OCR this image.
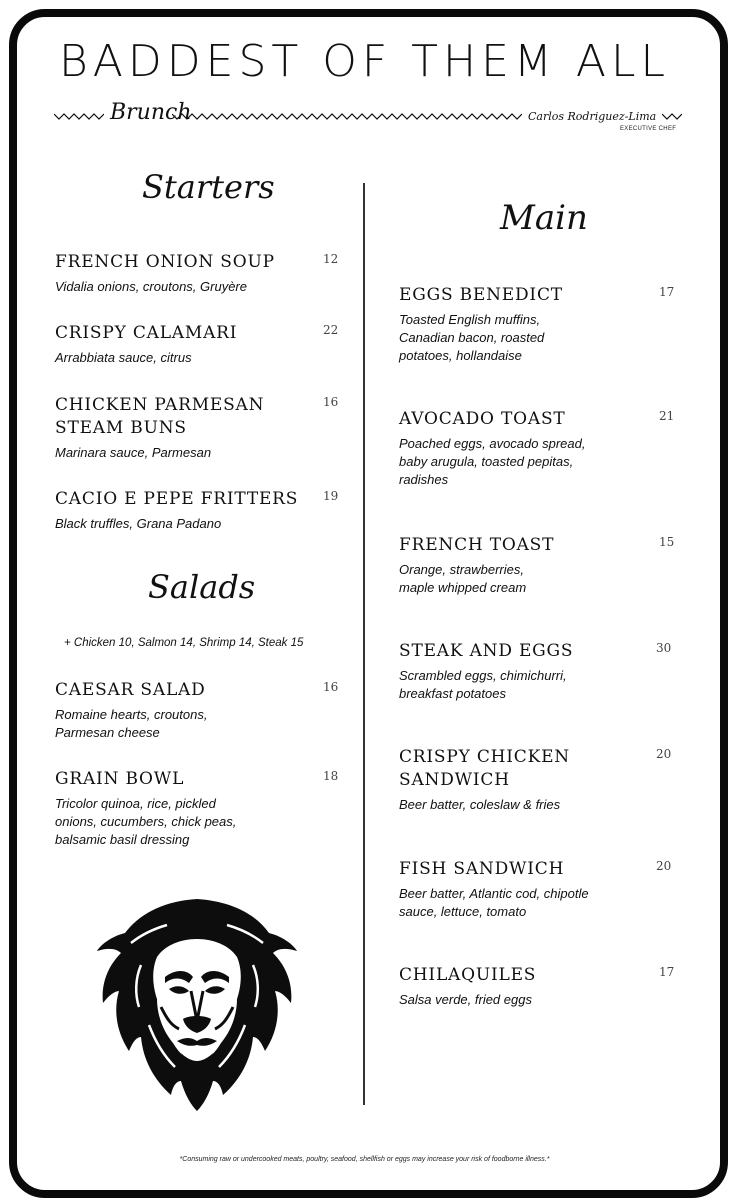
BADDEST OF THEM ALL
Brunch	Carlos Rodriguez-Lima
EXECUTIVE CHEF
Starters
FRENCH ONION SOUP
Vidalia onions, croutons, Gruyère
12
CRISPY CALAMARI
Arrabbiata sauce, citrus
22
CHICKEN PARMESAN STEAM BUNS
Marinara sauce, Parmesan
16
CACIO E PEPE FRITTERS
Black truffles, Grana Padano
19
Salads
+ Chicken 10, Salmon 14, Shrimp 14, Steak 15
CAESAR SALAD
Romaine hearts, croutons, Parmesan cheese
16
GRAIN BOWL
Tricolor quinoa, rice, pickled onions, cucumbers, chick peas, balsamic basil dressing
18
Main
EGGS BENEDICT
Toasted English muffins, Canadian bacon, roasted potatoes, hollandaise
17
AVOCADO TOAST
Poached eggs, avocado spread, baby arugula, toasted pepitas, radishes
21
FRENCH TOAST
Orange, strawberries, maple whipped cream
15
STEAK AND EGGS
Scrambled eggs, chimichurri, breakfast potatoes
30
CRISPY CHICKEN SANDWICH
Beer batter, coleslaw & fries
20
FISH SANDWICH
Beer batter, Atlantic cod, chipotle sauce, lettuce, tomato
20
CHILAQUILES
Salsa verde, fried eggs
17
*Consuming raw or undercooked meats, poultry, seafood, shellfish or eggs may increase your risk of foodborne illness.*
